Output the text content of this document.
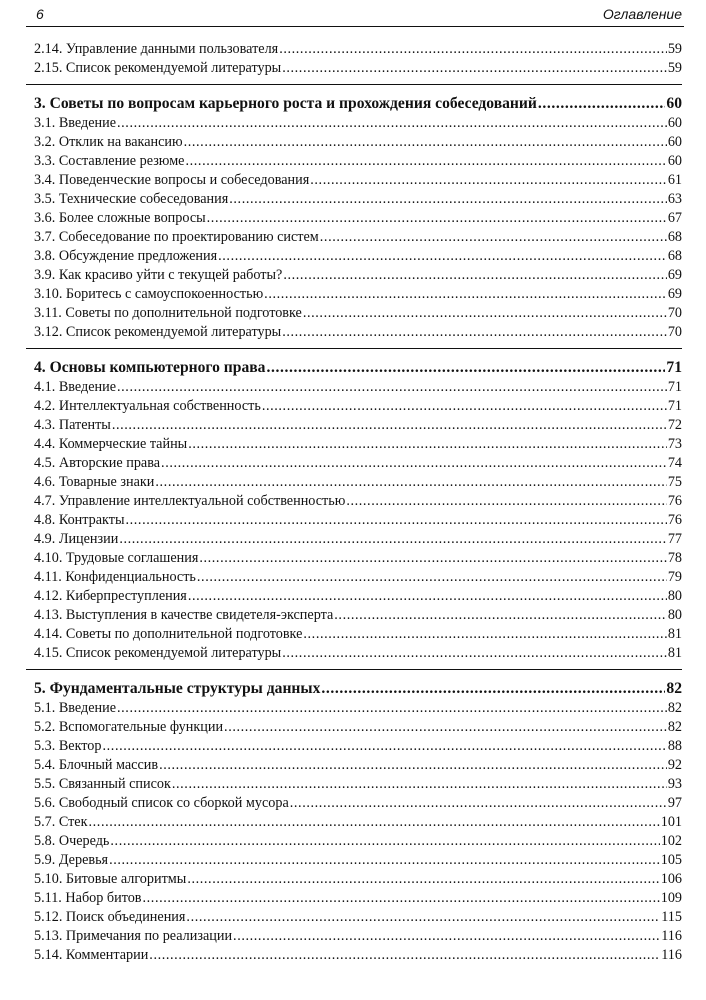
6	Оглавление
2.14. Управление данными пользователя .....	59
2.15. Список рекомендуемой литературы .....	59
3. Советы по вопросам карьерного роста и прохождения собеседований .....	60
3.1. Введение .....	60
3.2. Отклик на вакансию .....	60
3.3. Составление резюме .....	60
3.4. Поведенческие вопросы и собеседования .....	61
3.5. Технические собеседования .....	63
3.6. Более сложные вопросы .....	67
3.7. Собеседование по проектированию систем .....	68
3.8. Обсуждение предложения .....	68
3.9. Как красиво уйти с текущей работы? .....	69
3.10. Боритесь с самоуспокоенностью .....	69
3.11. Советы по дополнительной подготовке .....	70
3.12. Список рекомендуемой литературы .....	70
4. Основы компьютерного права .....	71
4.1. Введение .....	71
4.2. Интеллектуальная собственность .....	71
4.3. Патенты .....	72
4.4. Коммерческие тайны .....	73
4.5. Авторские права .....	74
4.6. Товарные знаки .....	75
4.7. Управление интеллектуальной собственностью .....	76
4.8. Контракты .....	76
4.9. Лицензии .....	77
4.10. Трудовые соглашения .....	78
4.11. Конфиденциальность .....	79
4.12. Киберпреступления .....	80
4.13. Выступления в качестве свидетеля-эксперта .....	80
4.14. Советы по дополнительной подготовке .....	81
4.15. Список рекомендуемой литературы .....	81
5. Фундаментальные структуры данных .....	82
5.1. Введение .....	82
5.2. Вспомогательные функции .....	82
5.3. Вектор .....	88
5.4. Блочный массив .....	92
5.5. Связанный список .....	93
5.6. Свободный список со сборкой мусора .....	97
5.7. Стек .....	101
5.8. Очередь .....	102
5.9. Деревья .....	105
5.10. Битовые алгоритмы .....	106
5.11. Набор битов .....	109
5.12. Поиск объединения .....	115
5.13. Примечания по реализации .....	116
5.14. Комментарии .....	116
